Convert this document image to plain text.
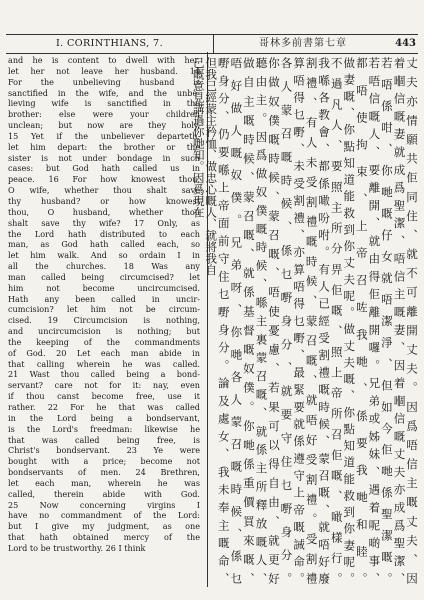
I. CORINTHIANS, 7.	哥林多前書第七章	443
and he is content to dwell with her,
let her not leave her husband. 14
For the unbelieving husband is
sanctified in the wife, and the unbe-
lieving wife is sanctified in the
brother: else were your children
unclean; but now are they holy.
15 Yet if the unbeliever departeth,
let him depart: the brother or the
sister is not under bondage in such
cases: but God hath called us in
peace. 16 For how knowest thou,
O wife, whether thou shalt save
thy husband? or how knowest
thou, O husband, whether thou
shalt save thy wife? 17 Only, as
the Lord hath distributed to each
man, as God hath called each, so
let him walk. And so ordain I in
all the churches. 18 Was any
man called being circumcised? let
him not become uncircumcised.
Hath any been called in uncir-
cumcision? let him not be circum-
cised. 19 Circumcision is nothing,
and uncircumcision is nothing; but
the keeping of the commandments
of God. 20 Let each man abide in
that calling wherein he was called.
21 Wast thou called being a bond-
servant? care not for it: nay, even
if thou canst become free, use it
rather. 22 For he that was called
in the Lord being a bondservant,
is the Lord's freedman: likewise he
that was called being free, is
Christ's bondservant. 23 Ye were
bought with a price; become not
bondservants of men. 24 Brethren,
let each man, wherein he was
called, therein abide with God.
25 Now concerning virgins I
have no commandment of the Lord:
but I give my judgment, as one
that hath obtained mercy of the
Lord to be trustworthy. 26 I think	丈夫亦情願共佢同住、就不可離開丈夫。因爲唔信主嘅丈夫、因
着嗰信嘅妻就成爲聖潔、唔信主嘅妻、因着嗰信嘅丈夫亦成爲聖潔、
若唔係咁、你哋嘅仔女就唔潔淨、但如今佢哋係聖潔嘅。
若唔信嘅人、要離開、就由得佢離開囉。兄弟或姊妹、遇着呢啲事、
都唔使拘束、上帝召咗我哋、係要我哋和睦。
做妻嘅、你點知道能救到你丈夫呢。做丈夫嘅、你點知道能救到你妻呢。
不過凡人、要照主所分畀佢嘅、照上帝所召佢嘅、噉樣行。
我喺各教會、都係噉吩咐。有人已經受割禮嘅時候、蒙召嘅、就唔好廢
割禮、有人未受割禮嘅時候、蒙召嘅、就唔好受割禮。受割禮
算唔得乜嘢、未受割禮、亦算唔得乜嘢、最緊要就係遵守上帝嘅誡命。
各人蒙召嘅時候、係乜嘢身分、就要守住乜嘢身分。
你做奴僕嘅時候、蒙召嘅、唔使憂慮、若果可以得自由、就更好
聽由主。因爲做奴僕嘅時候、喺主裏蒙召嘅、就係主所釋放嘅人、
做自主嘅時候、蒙召嘅、就係基督嘅奴僕。你哋係重價買來嘅、
唔好做人嘅奴僕。兄弟呀、你哋各人蒙召嘅時候、係乜
嘢身分、仍要喺上帝面前守住乜嘢身分。論及處女、我未奉主嘅命、
但我已經蒙主矜恤、做忠心嘅人、就將我自
己嘅意見講過你哋知。因爲現在
